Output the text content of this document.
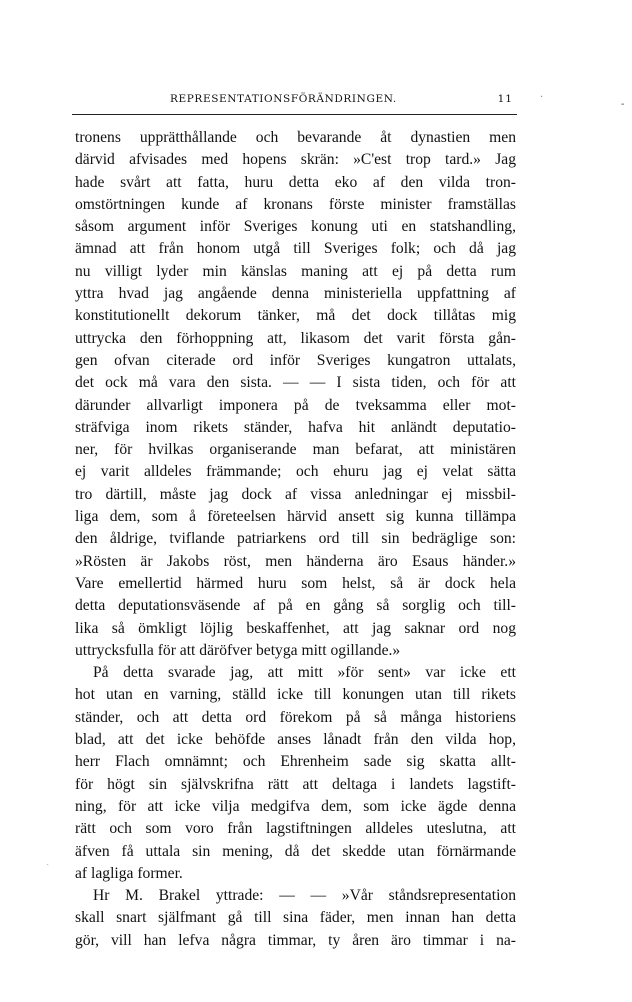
REPRESENTATIONSFÖRÄNDRINGEN.	11	‑
·
ˏ
tronens upprätthållande och bevarande åt dynastien men
därvid afvisades med hopens skrän: »C'est trop tard.» Jag
hade svårt att fatta, huru detta eko af den vilda tron-
omstörtningen kunde af kronans förste minister framställas
såsom argument inför Sveriges konung uti en statshandling,
ämnad att från honom utgå till Sveriges folk; och då jag
nu villigt lyder min känslas maning att ej på detta rum
yttra hvad jag angående denna ministeriella uppfattning af
konstitutionellt dekorum tänker, må det dock tillåtas mig
uttrycka den förhoppning att, likasom det varit första gån-
gen ofvan citerade ord inför Sveriges kungatron uttalats,
det ock må vara den sista. — — I sista tiden, och för att
därunder allvarligt imponera på de tveksamma eller mot-
sträfviga inom rikets ständer, hafva hit anländt deputatio-
ner, för hvilkas organiserande man befarat, att ministären
ej varit alldeles främmande; och ehuru jag ej velat sätta
tro därtill, måste jag dock af vissa anledningar ej missbil-
liga dem, som å företeelsen härvid ansett sig kunna tillämpa
den åldrige, tviflande patriarkens ord till sin bedräglige son:
»Rösten är Jakobs röst, men händerna äro Esaus händer.»
Vare emellertid härmed huru som helst, så är dock hela
detta deputationsväsende af på en gång så sorglig och till-
lika så ömkligt löjlig beskaffenhet, att jag saknar ord nog
uttrycksfulla för att däröfver betyga mitt ogillande.»
På detta svarade jag, att mitt »för sent» var icke ett
hot utan en varning, ställd icke till konungen utan till rikets
ständer, och att detta ord förekom på så många historiens
blad, att det icke behöfde anses lånadt från den vilda hop,
herr Flach omnämnt; och Ehrenheim sade sig skatta allt-
för högt sin självskrifna rätt att deltaga i landets lagstift-
ning, för att icke vilja medgifva dem, som icke ägde denna
rätt och som voro från lagstiftningen alldeles uteslutna, att
äfven få uttala sin mening, då det skedde utan förnärmande
af lagliga former.
Hr M. Brakel yttrade: — — »Vår ståndsrepresentation
skall snart själfmant gå till sina fäder, men innan han detta
gör, vill han lefva några timmar, ty åren äro timmar i na-
